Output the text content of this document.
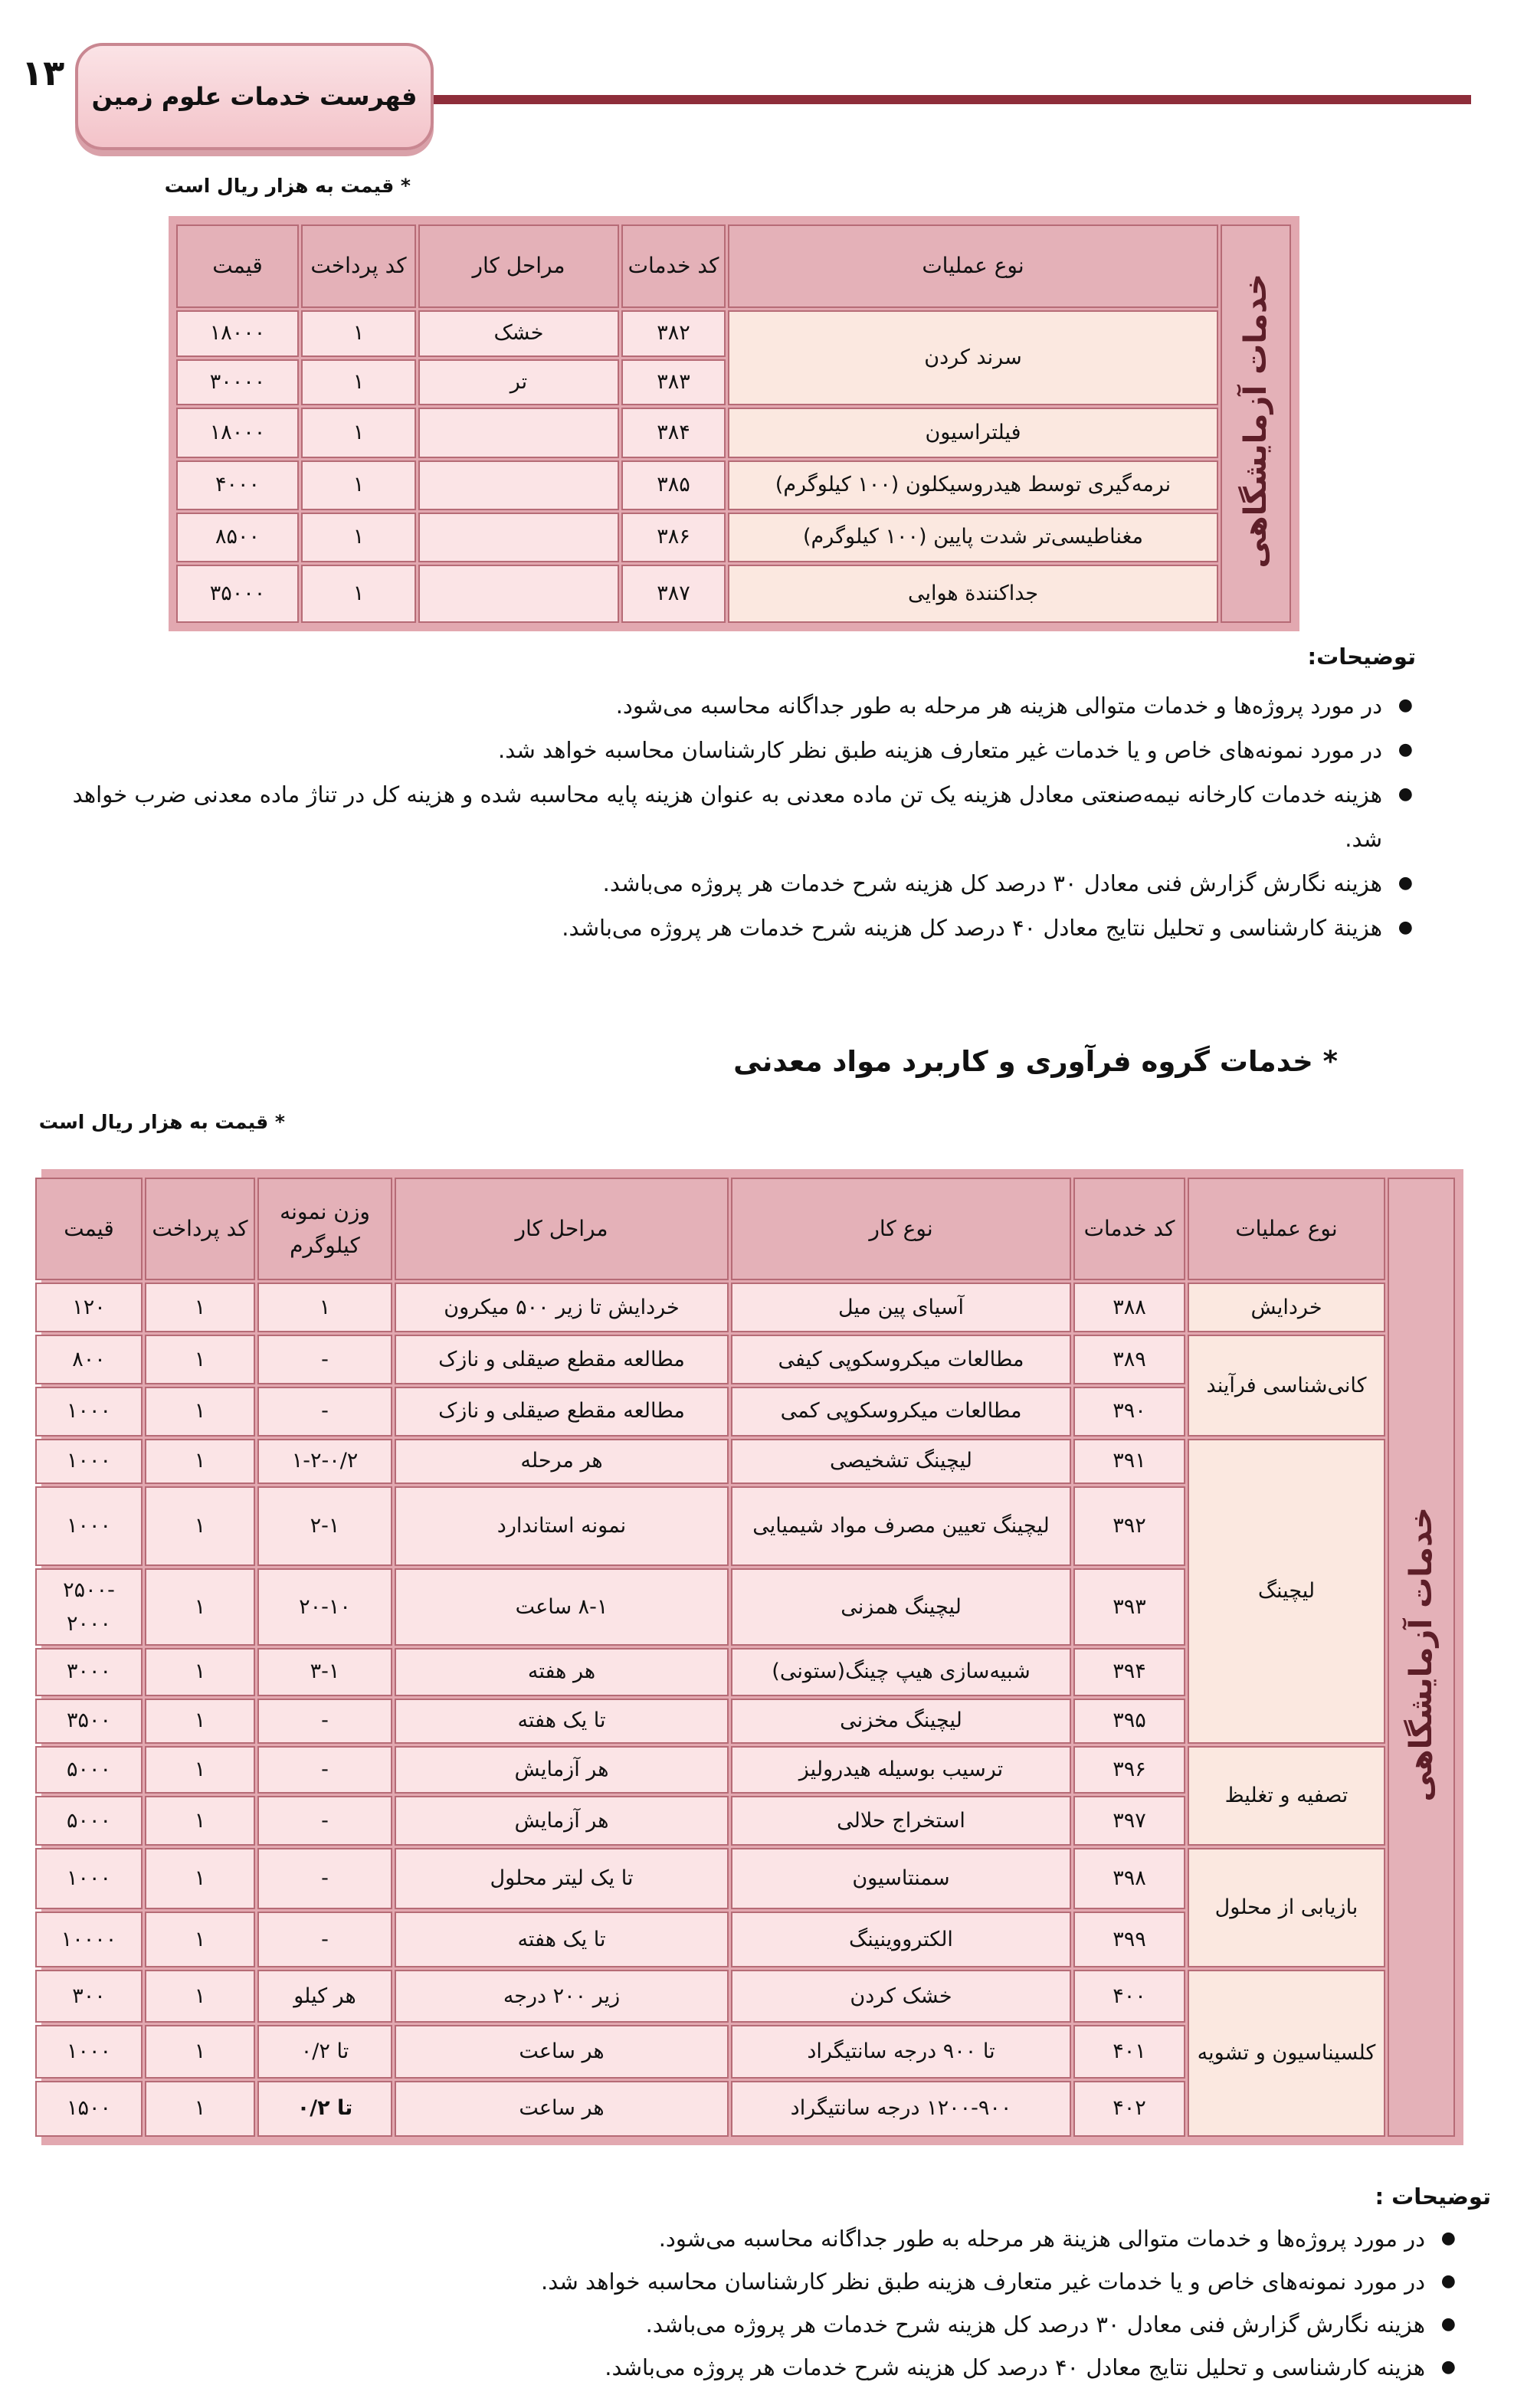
۱۳
فهرست خدمات علوم زمین
* قیمت به هزار ریال است
خدمات آزمایشگاهی	نوع عملیات	کد خدمات	مراحل کار	کد پرداخت	قیمت
	سرند کردن	۳۸۲	خشک	۱	۱۸۰۰۰
		۳۸۳	تر	۱	۳۰۰۰۰
	فیلتراسیون	۳۸۴		۱	۱۸۰۰۰
	نرمه‌گیری توسط هیدروسیکلون (۱۰۰ کیلوگرم)	۳۸۵		۱	۴۰۰۰
	مغناطیسی‌تر شدت پایین (۱۰۰ کیلوگرم)	۳۸۶		۱	۸۵۰۰
	جداکنندة هوایی	۳۸۷		۱	۳۵۰۰۰
توضیحات:
● در مورد پروژه‌ها و خدمات متوالی هزینه هر مرحله به طور جداگانه محاسبه می‌شود.
● در مورد نمونه‌های خاص و یا خدمات غیر متعارف هزینه طبق نظر کارشناسان محاسبه خواهد شد.
● هزینه خدمات کارخانه نیمه‌صنعتی معادل هزینه یک تن ماده معدنی به عنوان هزینه پایه محاسبه شده و هزینه کل در تناژ ماده معدنی ضرب خواهد شد.
● هزینه نگارش گزارش فنی معادل ۳۰ درصد کل هزینه شرح خدمات هر پروژه می‌باشد.
● هزینة کارشناسی و تحلیل نتایج معادل ۴۰ درصد کل هزینه شرح خدمات هر پروژه می‌باشد.
* خدمات گروه فرآوری و کاربرد مواد معدنی
* قیمت به هزار ریال است
خدمات آزمایشگاهی	نوع عملیات	کد خدمات	نوع کار	مراحل کار	وزن نمونه کیلوگرم	کد پرداخت	قیمت
	خردایش	۳۸۸	آسیای پین میل	خردایش تا زیر ۵۰۰ میکرون	۱	۱	۱۲۰
	کانی‌شناسی فرآیند	۳۸۹	مطالعات میکروسکوپی کیفی	مطالعه مقطع صیقلی و نازک	-	۱	۸۰۰
		۳۹۰	مطالعات میکروسکوپی کمی	مطالعه مقطع صیقلی و نازک	-	۱	۱۰۰۰
	لیچینگ	۳۹۱	لیچینگ تشخیصی	هر مرحله	۱-۲-۰/۲	۱	۱۰۰۰
		۳۹۲	لیچینگ تعیین مصرف مواد شیمیایی	نمونه استاندارد	۲-۱	۱	۱۰۰۰
		۳۹۳	لیچینگ همزنی	۸-۱ ساعت	۲۰-۱۰	۱	-۲۵۰۰ ۲۰۰۰
		۳۹۴	شبیه‌سازی هیپ چینگ(ستونی)	هر هفته	۳-۱	۱	۳۰۰۰
		۳۹۵	لیچینگ مخزنی	تا یک هفته	-	۱	۳۵۰۰
	تصفیه و تغلیظ	۳۹۶	ترسیب بوسیله هیدرولیز	هر آزمایش	-	۱	۵۰۰۰
		۳۹۷	استخراج حلالی	هر آزمایش	-	۱	۵۰۰۰
	بازیابی از محلول	۳۹۸	سمنتاسیون	تا یک لیتر محلول	-	۱	۱۰۰۰
		۳۹۹	الکترووینینگ	تا یک هفته	-	۱	۱۰۰۰۰
	کلسیناسیون و تشویه	۴۰۰	خشک کردن	زیر ۲۰۰ درجه	هر کیلو	۱	۳۰۰
		۴۰۱	تا ۹۰۰ درجه سانتیگراد	هر ساعت	تا ۰/۲	۱	۱۰۰۰
		۴۰۲	۱۲۰۰-۹۰۰ درجه سانتیگراد	هر ساعت	تا ۰/۲	۱	۱۵۰۰
توضیحات :
● در مورد پروژه‌ها و خدمات متوالی هزینة هر مرحله به طور جداگانه محاسبه می‌شود.
● در مورد نمونه‌های خاص و یا خدمات غیر متعارف هزینه طبق نظر کارشناسان محاسبه خواهد شد.
● هزینه نگارش گزارش فنی معادل ۳۰ درصد کل هزینه شرح خدمات هر پروژه می‌باشد.
● هزینه کارشناسی و تحلیل نتایج معادل ۴۰ درصد کل هزینه شرح خدمات هر پروژه می‌باشد.
